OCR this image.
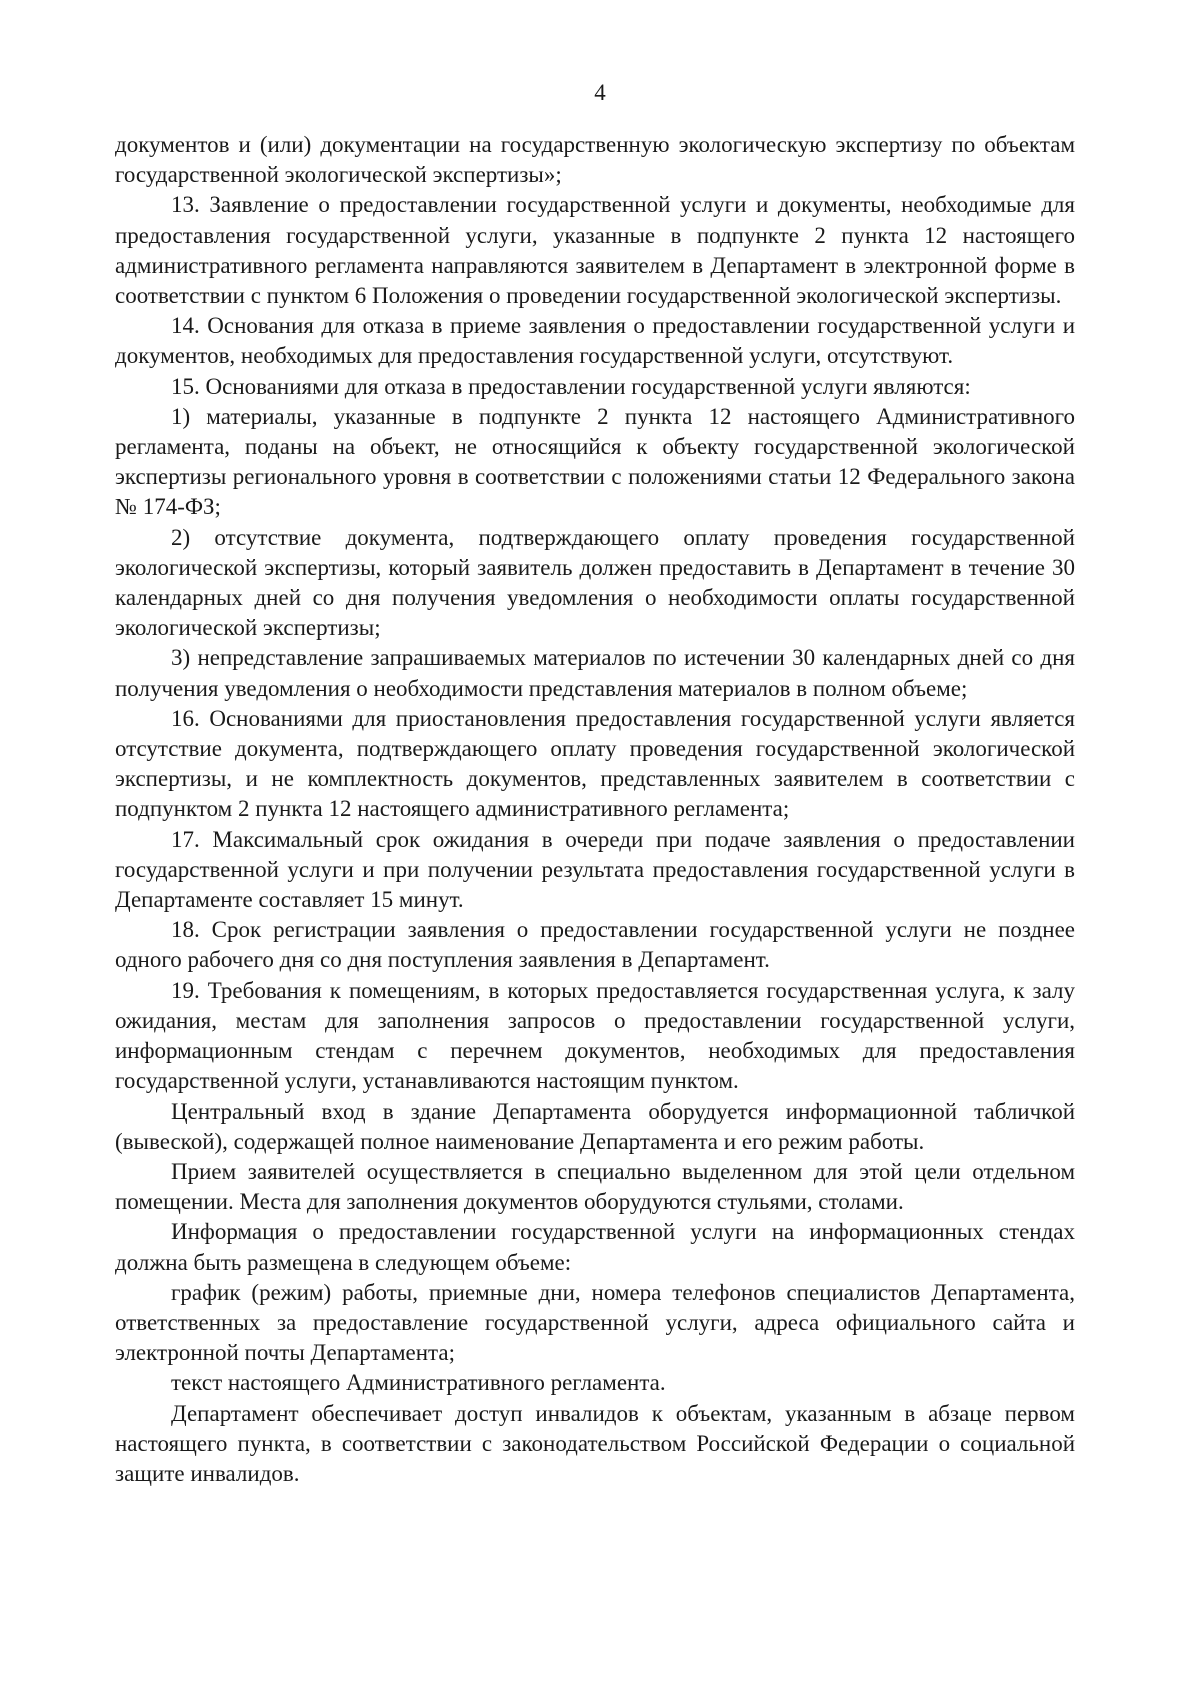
4

документов и (или) документации на государственную экологическую экспертизу по объектам государственной экологической экспертизы»;

13. Заявление о предоставлении государственной услуги и документы, необходимые для предоставления государственной услуги, указанные в подпункте 2 пункта 12 настоящего административного регламента направляются заявителем в Департамент в электронной форме в соответствии с пунктом 6 Положения о проведении государственной экологической экспертизы.

14. Основания для отказа в приеме заявления о предоставлении государственной услуги и документов, необходимых для предоставления государственной услуги, отсутствуют.

15. Основаниями для отказа в предоставлении государственной услуги являются:

1) материалы, указанные в подпункте 2 пункта 12 настоящего Административного регламента, поданы на объект, не относящийся к объекту государственной экологической экспертизы регионального уровня в соответствии с положениями статьи 12 Федерального закона № 174-ФЗ;

2) отсутствие документа, подтверждающего оплату проведения государственной экологической экспертизы, который заявитель должен предоставить в Департамент в течение 30 календарных дней со дня получения уведомления о необходимости оплаты государственной экологической экспертизы;

3) непредставление запрашиваемых материалов по истечении 30 календарных дней со дня получения уведомления о необходимости представления материалов в полном объеме;

16. Основаниями для приостановления предоставления государственной услуги является отсутствие документа, подтверждающего оплату проведения государственной экологической экспертизы, и не комплектность документов, представленных заявителем в соответствии с подпунктом 2 пункта 12 настоящего административного регламента;

17. Максимальный срок ожидания в очереди при подаче заявления о предоставлении государственной услуги и при получении результата предоставления государственной услуги в Департаменте составляет 15 минут.

18. Срок регистрации заявления о предоставлении государственной услуги не позднее одного рабочего дня со дня поступления заявления в Департамент.

19. Требования к помещениям, в которых предоставляется государственная услуга, к залу ожидания, местам для заполнения запросов о предоставлении государственной услуги, информационным стендам с перечнем документов, необходимых для предоставления государственной услуги, устанавливаются настоящим пунктом.

Центральный вход в здание Департамента оборудуется информационной табличкой (вывеской), содержащей полное наименование Департамента и его режим работы.

Прием заявителей осуществляется в специально выделенном для этой цели отдельном помещении. Места для заполнения документов оборудуются стульями, столами.

Информация о предоставлении государственной услуги на информационных стендах должна быть размещена в следующем объеме:

график (режим) работы, приемные дни, номера телефонов специалистов Департамента, ответственных за предоставление государственной услуги, адреса официального сайта и электронной почты Департамента;

текст настоящего Административного регламента.

Департамент обеспечивает доступ инвалидов к объектам, указанным в абзаце первом настоящего пункта, в соответствии с законодательством Российской Федерации о социальной защите инвалидов.
